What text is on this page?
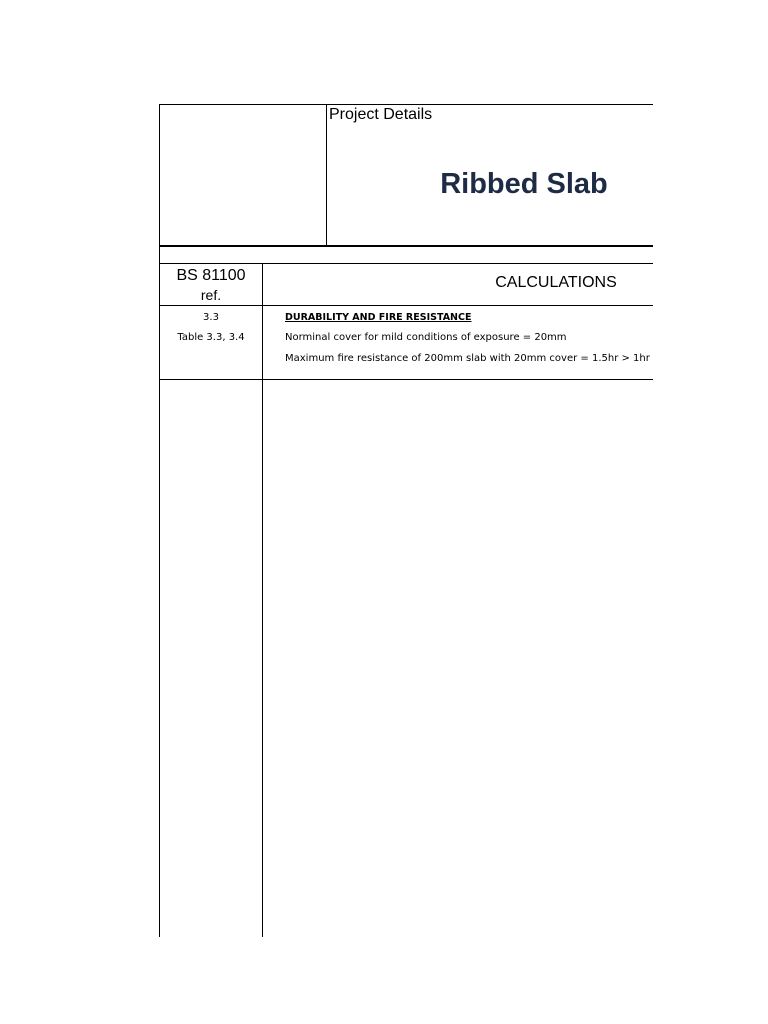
Project Details
Ribbed Slab
BS 81100
ref.
CALCULATIONS
3.3	DURABILITY AND FIRE RESISTANCE
Table 3.3, 3.4	Norminal cover for mild conditions of exposure = 20mm
Maximum fire resistance of 200mm slab with 20mm cover = 1.5hr > 1hr
